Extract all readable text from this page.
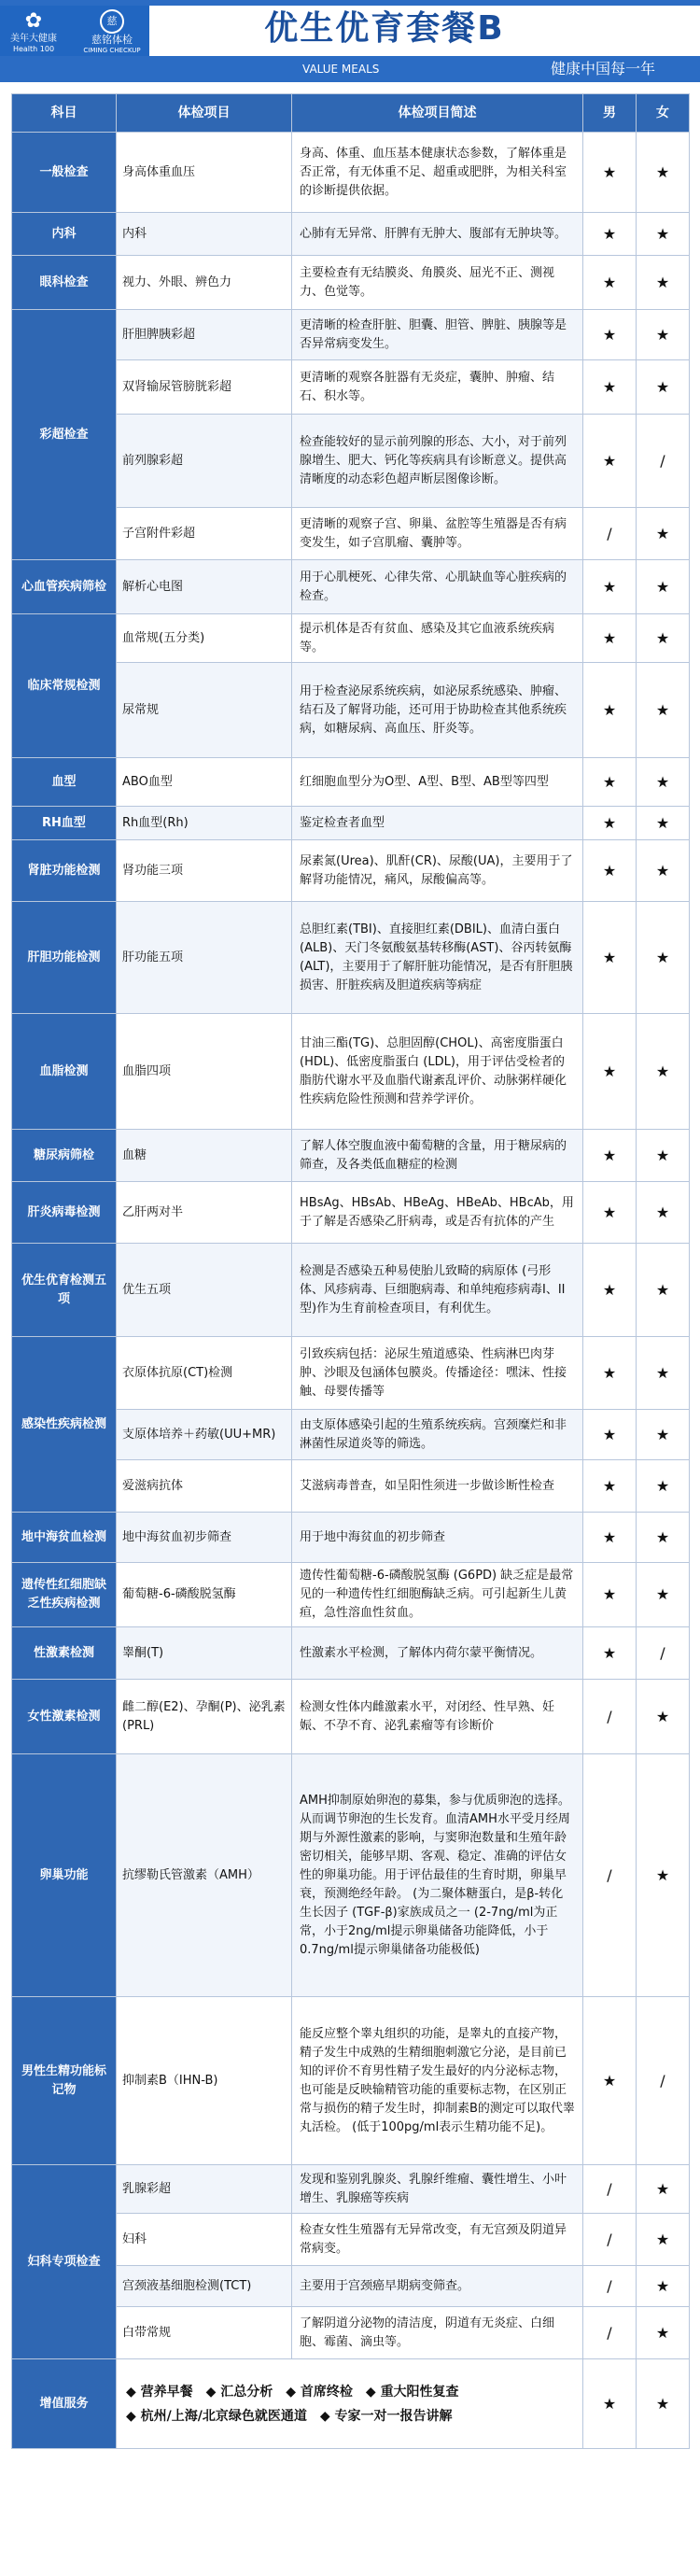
✿
美年大健康
Health 100
慈
慈铭体检
CIMING CHECKUP
优生优育套餐B
VALUE MEALS	健康中国每一年
科目	体检项目	体检项目简述	男	女
一般检查	身高体重血压	身高、体重、血压基本健康状态参数，了解体重是否正常，有无体重不足、超重或肥胖，为相关科室的诊断提供依据。	★	★
内科	内科	心肺有无异常、肝脾有无肿大、腹部有无肿块等。	★	★
眼科检查	视力、外眼、辨色力	主要检查有无结膜炎、角膜炎、屈光不正、测视力、色觉等。	★	★
彩超检查	肝胆脾胰彩超	更清晰的检查肝脏、胆囊、胆管、脾脏、胰腺等是否异常病变发生。	★	★
	双肾输尿管膀胱彩超	更清晰的观察各脏器有无炎症，囊肿、肿瘤、结石、积水等。	★	★
	前列腺彩超	检查能较好的显示前列腺的形态、大小，对于前列腺增生、肥大、钙化等疾病具有诊断意义。提供高清晰度的动态彩色超声断层图像诊断。	★	/
	子宫附件彩超	更清晰的观察子宫、卵巢、盆腔等生殖器是否有病变发生，如子宫肌瘤、囊肿等。	/	★
心血管疾病筛检	解析心电图	用于心肌梗死、心律失常、心肌缺血等心脏疾病的检查。	★	★
临床常规检测	血常规(五分类)	提示机体是否有贫血、感染及其它血液系统疾病等。	★	★
	尿常规	用于检查泌尿系统疾病，如泌尿系统感染、肿瘤、结石及了解肾功能，还可用于协助检查其他系统疾病，如糖尿病、高血压、肝炎等。	★	★
血型	ABO血型	红细胞血型分为O型、A型、B型、AB型等四型	★	★
RH血型	Rh血型(Rh)	鉴定检查者血型	★	★
肾脏功能检测	肾功能三项	尿素氮(Urea)、肌酐(CR)、尿酸(UA)，主要用于了解肾功能情况，痛风，尿酸偏高等。	★	★
肝胆功能检测	肝功能五项	总胆红素(TBI)、直接胆红素(DBIL)、血清白蛋白(ALB)、天门冬氨酸氨基转移酶(AST)、谷丙转氨酶 (ALT)，主要用于了解肝脏功能情况，是否有肝胆胰损害、肝脏疾病及胆道疾病等病症	★	★
血脂检测	血脂四项	甘油三酯(TG)、总胆固醇(CHOL)、高密度脂蛋白 (HDL)、低密度脂蛋白 (LDL)，用于评估受检者的脂肪代谢水平及血脂代谢紊乱评价、动脉粥样硬化性疾病危险性预测和营养学评价。	★	★
糖尿病筛检	血糖	了解人体空腹血液中葡萄糖的含量，用于糖尿病的筛查，及各类低血糖症的检测	★	★
肝炎病毒检测	乙肝两对半	HBsAg、HBsAb、HBeAg、HBeAb、HBcAb，用于了解是否感染乙肝病毒，或是否有抗体的产生	★	★
优生优育检测五项	优生五项	检测是否感染五种易使胎儿致畸的病原体 (弓形体、风疹病毒、巨细胞病毒、和单纯疱疹病毒I、II型)作为生育前检查项目，有利优生。	★	★
感染性疾病检测	衣原体抗原(CT)检测	引致疾病包括：泌尿生殖道感染、性病淋巴肉芽肿、沙眼及包涵体包膜炎。传播途径：嘿沫、性接触、母婴传播等	★	★
	支原体培养＋药敏(UU+MR)	由支原体感染引起的生殖系统疾病。宫颈糜烂和非淋菌性尿道炎等的筛选。	★	★
	爱滋病抗体	艾滋病毒普查，如呈阳性须进一步做诊断性检查	★	★
地中海贫血检测	地中海贫血初步筛查	用于地中海贫血的初步筛查	★	★
遗传性红细胞缺乏性疾病检测	葡萄糖-6-磷酸脱氢酶	遗传性葡萄糖-6-磷酸脱氢酶 (G6PD) 缺乏症是最常见的一种遗传性红细胞酶缺乏病。可引起新生儿黄疸，急性溶血性贫血。	★	★
性激素检测	睾酮(T)	性激素水平检测，了解体内荷尔蒙平衡情况。	★	/
女性激素检测	雌二醇(E2)、孕酮(P)、泌乳素(PRL)	检测女性体内雌激素水平，对闭经、性早熟、妊娠、不孕不育、泌乳素瘤等有诊断价	/	★
卵巢功能	抗缪勒氏管激素（AMH）	AMH抑制原始卵泡的募集，参与优质卵泡的选择。从而调节卵泡的生长发育。血清AMH水平受月经周期与外源性激素的影响，与窦卵泡数量和生殖年龄密切相关，能够早期、客观、稳定、准确的评估女性的卵巢功能。用于评估最佳的生育时期，卵巢早衰，预测绝经年龄。 (为二聚体糖蛋白，是β-转化生长因子 (TGF-β)家族成员之一 (2-7ng/ml为正常，小于2ng/ml提示卵巢储备功能降低，小于0.7ng/ml提示卵巢储备功能极低)	/	★
男性生精功能标记物	抑制素B（IHN-B)	能反应整个睾丸组织的功能，是睾丸的直接产物，精子发生中成熟的生精细胞刺激它分泌，是目前已知的评价不育男性精子发生最好的内分泌标志物，也可能是反映输精管功能的重要标志物，在区别正常与损伤的精子发生时，抑制素B的测定可以取代睾丸活检。 (低于100pg/ml表示生精功能不足)。	★	/
妇科专项检查	乳腺彩超	发现和鉴别乳腺炎、乳腺纤维瘤、囊性增生、小叶增生、乳腺癌等疾病	/	★
	妇科	检查女性生殖器有无异常改变，有无宫颈及阴道异常病变。	/	★
	宫颈液基细胞检测(TCT)	主要用于宫颈癌早期病变筛查。	/	★
	白带常规	了解阴道分泌物的清洁度，阴道有无炎症、白细胞、霉菌、滴虫等。	/	★
增值服务	◆ 营养早餐 ◆ 汇总分析 ◆ 首席终检 ◆ 重大阳性复查◆ 杭州/上海/北京绿色就医通道 ◆ 专家一对一报告讲解		★	★
